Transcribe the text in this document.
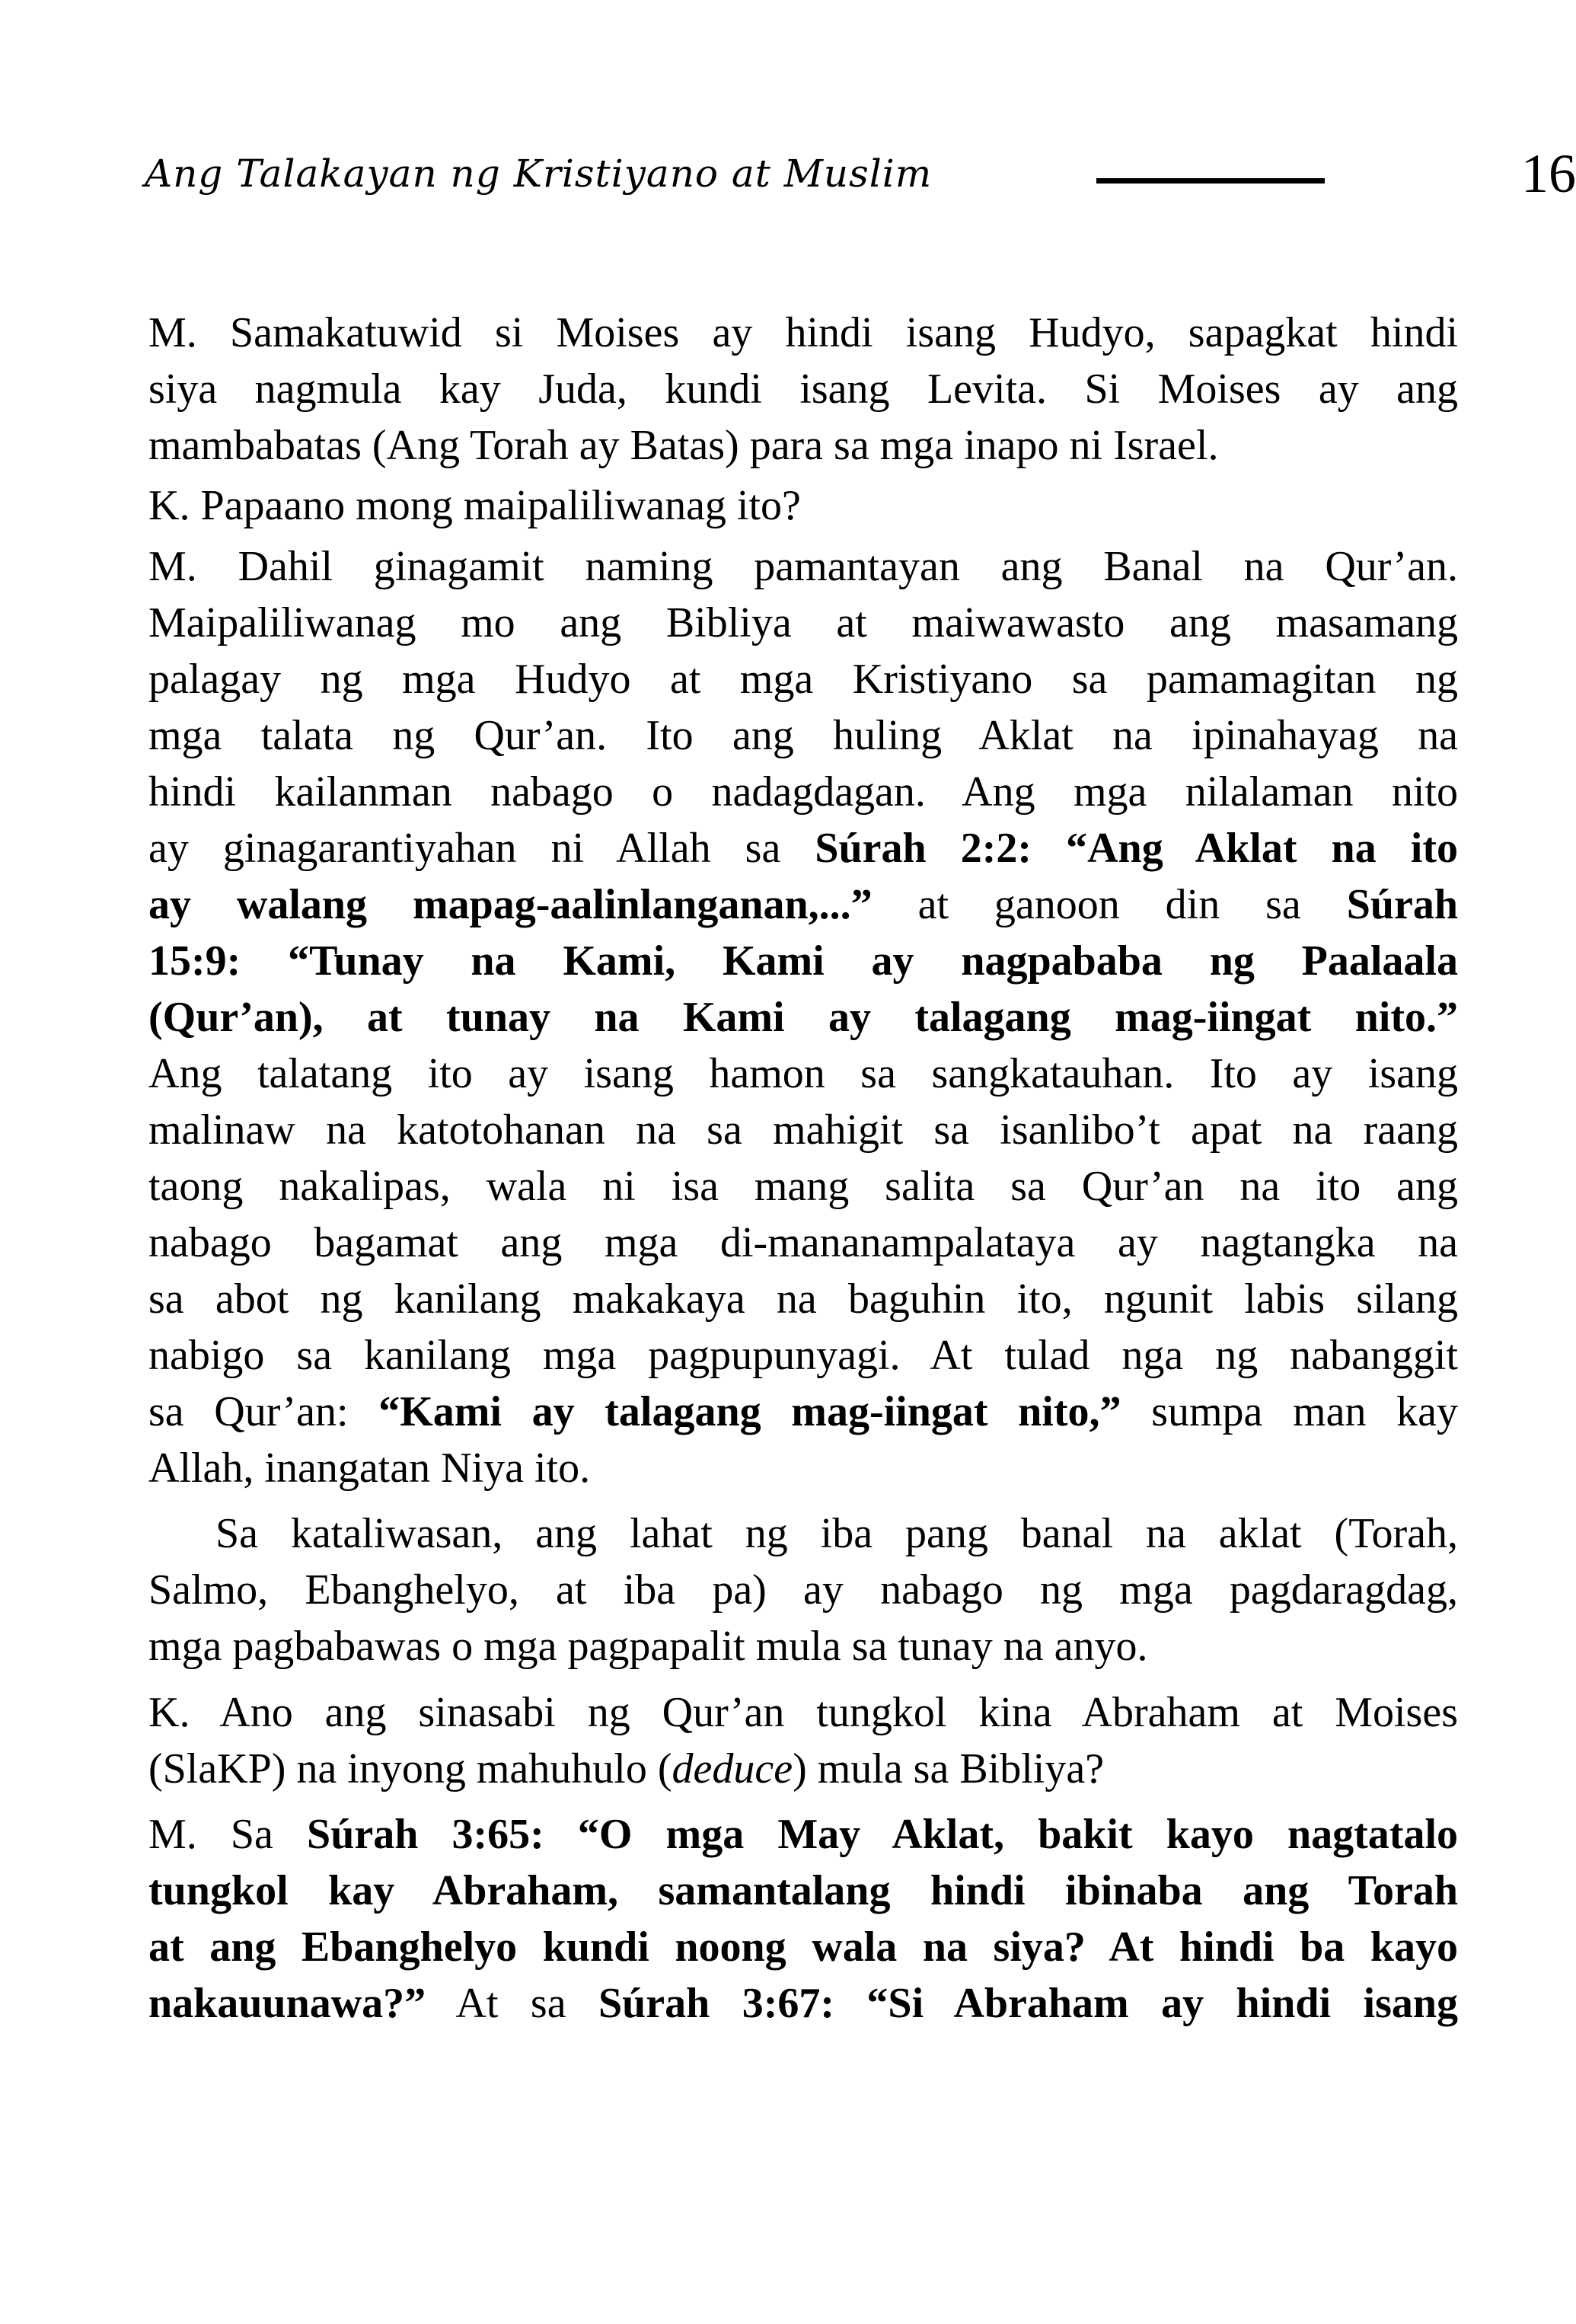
Ang Talakayan ng Kristiyano at Muslim	16
M. Samakatuwid si Moises ay hindi isang Hudyo, sapagkat hindi
siya nagmula kay Juda, kundi isang Levita. Si Moises ay ang
mambabatas (Ang Torah ay Batas) para sa mga inapo ni Israel.
K. Papaano mong maipaliliwanag ito?
M. Dahil ginagamit naming pamantayan ang Banal na Qur’an.
Maipaliliwanag mo ang Bibliya at maiwawasto ang masamang
palagay ng mga Hudyo at mga Kristiyano sa pamamagitan ng
mga talata ng Qur’an. Ito ang huling Aklat na ipinahayag na
hindi kailanman nabago o nadagdagan. Ang mga nilalaman nito
ay ginagarantiyahan ni Allah sa Súrah 2:2: “Ang Aklat na ito
ay walang mapag-aalinlanganan,...” at ganoon din sa Súrah
15:9: “Tunay na Kami, Kami ay nagpababa ng Paalaala
(Qur’an), at tunay na Kami ay talagang mag-iingat nito.”
Ang talatang ito ay isang hamon sa sangkatauhan. Ito ay isang
malinaw na katotohanan na sa mahigit sa isanlibo’t apat na raang
taong nakalipas, wala ni isa mang salita sa Qur’an na ito ang
nabago bagamat ang mga di-mananampalataya ay nagtangka na
sa abot ng kanilang makakaya na baguhin ito, ngunit labis silang
nabigo sa kanilang mga pagpupunyagi. At tulad nga ng nabanggit
sa Qur’an: “Kami ay talagang mag-iingat nito,” sumpa man kay
Allah, inangatan Niya ito.
Sa kataliwasan, ang lahat ng iba pang banal na aklat (Torah,
Salmo, Ebanghelyo, at iba pa) ay nabago ng mga pagdaragdag,
mga pagbabawas o mga pagpapalit mula sa tunay na anyo.
K. Ano ang sinasabi ng Qur’an tungkol kina Abraham at Moises
(SlaKP) na inyong mahuhulo (deduce) mula sa Bibliya?
M. Sa Súrah 3:65: “O mga May Aklat, bakit kayo nagtatalo
tungkol kay Abraham, samantalang hindi ibinaba ang Torah
at ang Ebanghelyo kundi noong wala na siya? At hindi ba kayo
nakauunawa?” At sa Súrah 3:67: “Si Abraham ay hindi isang
